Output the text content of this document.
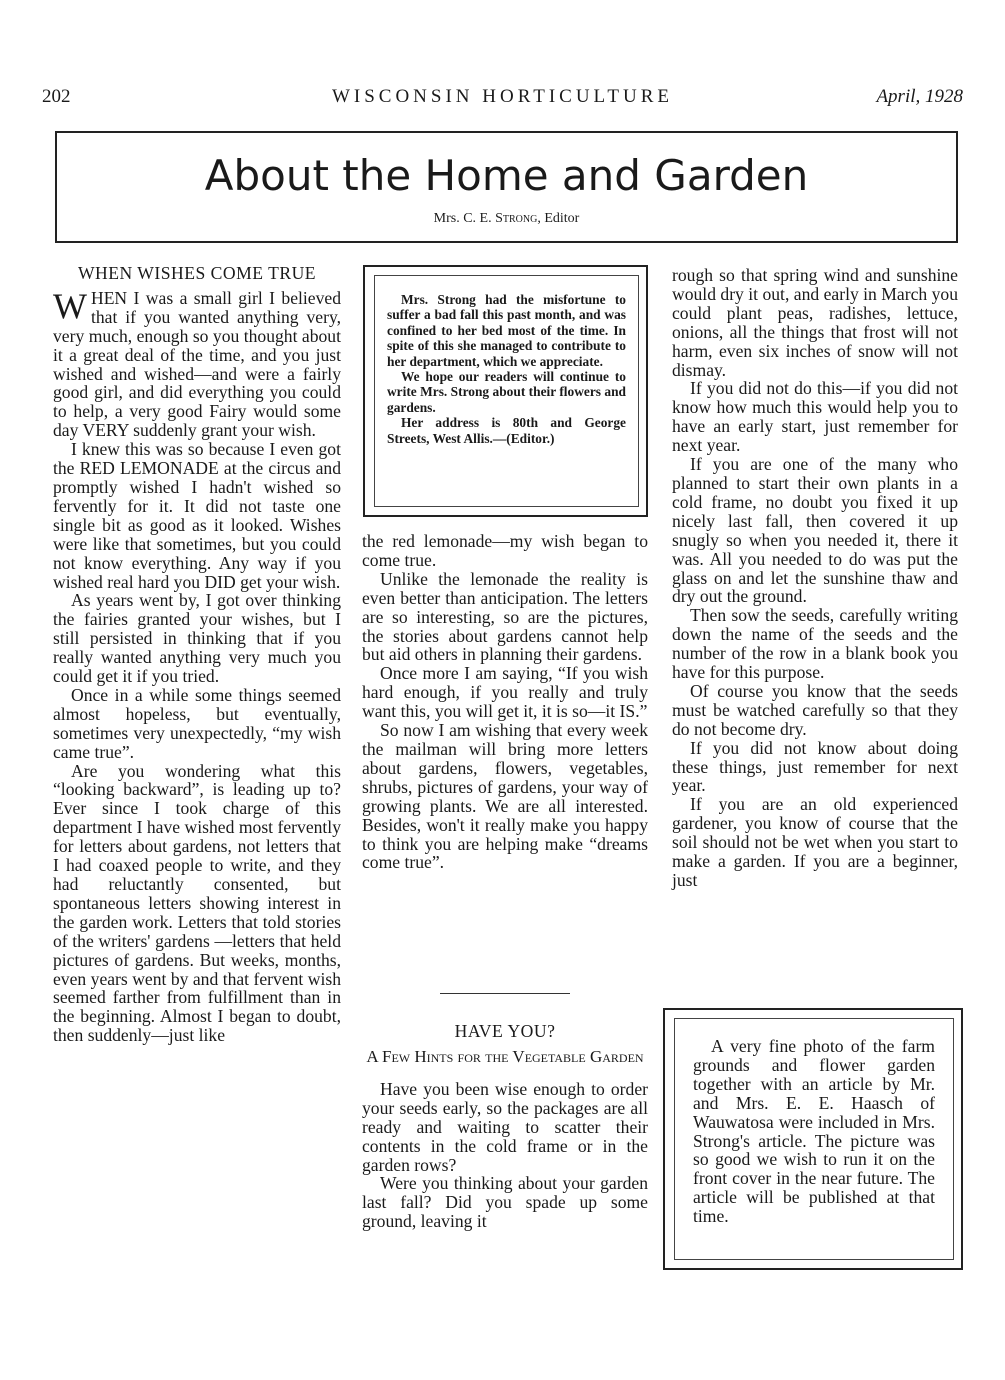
202	WISCONSIN HORTICULTURE	April, 1928
About the Home and Garden
Mrs. C. E. Strong, Editor
WHEN WISHES COME TRUE

WHEN I was a small girl I believed that if you wanted anything very, very much, enough so you thought about it a great deal of the time, and you just wished and wished—and were a fairly good girl, and did everything you could to help, a very good Fairy would some day VERY suddenly grant your wish.

I knew this was so because I even got the RED LEMONADE at the circus and promptly wished I hadn't wished so fervently for it. It did not taste one single bit as good as it looked. Wishes were like that sometimes, but you could not know everything. Any way if you wished real hard you DID get your wish.

As years went by, I got over thinking the fairies granted your wishes, but I still persisted in thinking that if you really wanted anything very much you could get it if you tried.

Once in a while some things seemed almost hopeless, but eventually, sometimes very unexpectedly, “my wish came true”.

Are you wondering what this “looking backward”, is leading up to? Ever since I took charge of this department I have wished most fervently for letters about gardens, not letters that I had coaxed people to write, and they had reluctantly consented, but spontaneous letters showing interest in the garden work. Letters that told stories of the writers' gardens —letters that held pictures of gardens. But weeks, months, even years went by and that fervent wish seemed farther from fulfillment than in the beginning. Almost I began to doubt, then suddenly—just like

Mrs. Strong had the misfortune to suffer a bad fall this past month, and was confined to her bed most of the time. In spite of this she managed to contribute to her department, which we appreciate.

We hope our readers will continue to write Mrs. Strong about their flowers and gardens.

Her address is 80th and George Streets, West Allis.—(Editor.)

the red lemonade—my wish began to come true.

Unlike the lemonade the reality is even better than anticipation. The letters are so interesting, so are the pictures, the stories about gardens cannot help but aid others in planning their gardens.

Once more I am saying, “If you wish hard enough, if you really and truly want this, you will get it, it is so—it IS.”

So now I am wishing that every week the mailman will bring more letters about gardens, flowers, vegetables, shrubs, pictures of gardens, your way of growing plants. We are all interested. Besides, won't it really make you happy to think you are helping make “dreams come true”.

HAVE YOU?
A Few Hints for the Vegetable Garden

Have you been wise enough to order your seeds early, so the packages are all ready and waiting to scatter their contents in the cold frame or in the garden rows?

Were you thinking about your garden last fall? Did you spade up some ground, leaving it

rough so that spring wind and sunshine would dry it out, and early in March you could plant peas, radishes, lettuce, onions, all the things that frost will not harm, even six inches of snow will not dismay.

If you did not do this—if you did not know how much this would help you to have an early start, just remember for next year.

If you are one of the many who planned to start their own plants in a cold frame, no doubt you fixed it up nicely last fall, then covered it up snugly so when you needed it, there it was. All you needed to do was put the glass on and let the sunshine thaw and dry out the ground.

Then sow the seeds, carefully writing down the name of the seeds and the number of the row in a blank book you have for this purpose.

Of course you know that the seeds must be watched carefully so that they do not become dry.

If you did not know about doing these things, just remember for next year.

If you are an old experienced gardener, you know of course that the soil should not be wet when you start to make a garden. If you are a beginner, just

A very fine photo of the farm grounds and flower garden together with an article by Mr. and Mrs. E. E. Haasch of Wauwatosa were included in Mrs. Strong's article. The picture was so good we wish to run it on the front cover in the near future. The article will be published at that time.
